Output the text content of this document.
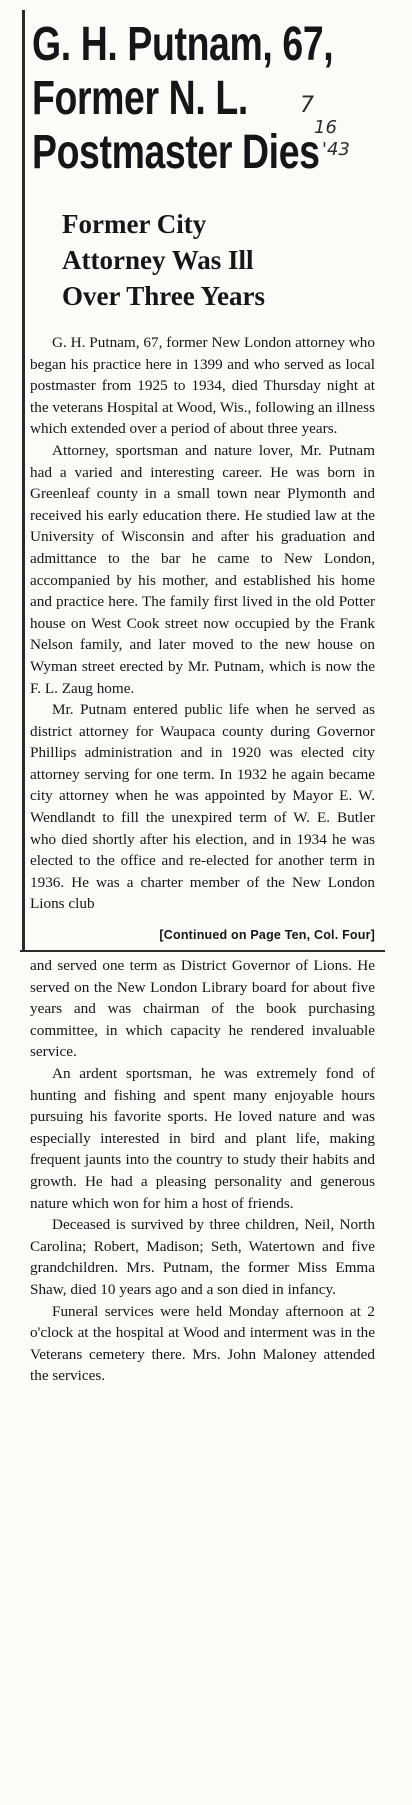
G. H. Putnam, 67,
Former N. L.
Postmaster Dies
7
16
'43
Former City
Attorney Was Ill
Over Three Years

G. H. Putnam, 67, former New London attorney who began his practice here in 1399 and who served as local postmaster from 1925 to 1934, died Thursday night at the veterans Hospital at Wood, Wis., following an illness which extended over a period of about three years.

Attorney, sportsman and nature lover, Mr. Putnam had a varied and interesting career. He was born in Greenleaf county in a small town near Plymonth and received his early education there. He studied law at the University of Wisconsin and after his graduation and admittance to the bar he came to New London, accompanied by his mother, and established his home and practice here. The family first lived in the old Potter house on West Cook street now occupied by the Frank Nelson family, and later moved to the new house on Wyman street erected by Mr. Putnam, which is now the F. L. Zaug home.

Mr. Putnam entered public life when he served as district attorney for Waupaca county during Governor Phillips administration and in 1920 was elected city attorney serving for one term. In 1932 he again became city attorney when he was appointed by Mayor E. W. Wendlandt to fill the unexpired term of W. E. Butler who died shortly after his election, and in 1934 he was elected to the office and re-elected for another term in 1936. He was a charter member of the New London Lions club

[Continued on Page Ten, Col. Four]

and served one term as District Governor of Lions. He served on the New London Library board for about five years and was chairman of the book purchasing committee, in which capacity he rendered invaluable service.

An ardent sportsman, he was extremely fond of hunting and fishing and spent many enjoyable hours pursuing his favorite sports. He loved nature and was especially interested in bird and plant life, making frequent jaunts into the country to study their habits and growth. He had a pleasing personality and generous nature which won for him a host of friends.

Deceased is survived by three children, Neil, North Carolina; Robert, Madison; Seth, Watertown and five grandchildren. Mrs. Putnam, the former Miss Emma Shaw, died 10 years ago and a son died in infancy.

Funeral services were held Monday afternoon at 2 o'clock at the hospital at Wood and interment was in the Veterans cemetery there. Mrs. John Maloney attended the services.
